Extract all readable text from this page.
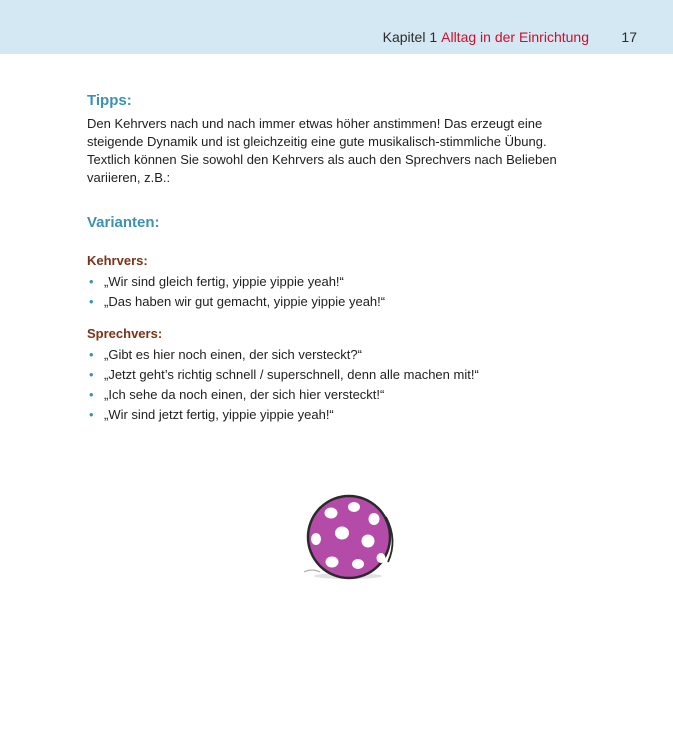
Kapitel 1 Alltag in der Einrichtung 17
Tipps:

Den Kehrvers nach und nach immer etwas höher anstimmen! Das erzeugt eine steigende Dynamik und ist gleichzeitig eine gute musikalisch-stimmliche Übung.

Textlich können Sie sowohl den Kehrvers als auch den Sprechvers nach Belieben variieren, z.B.:

Varianten:
Kehrvers:
• „Wir sind gleich fertig, yippie yippie yeah!“
• „Das haben wir gut gemacht, yippie yippie yeah!“
Sprechvers:
• „Gibt es hier noch einen, der sich versteckt?“
• „Jetzt geht’s richtig schnell / superschnell, denn alle machen mit!“
• „Ich sehe da noch einen, der sich hier versteckt!“
• „Wir sind jetzt fertig, yippie yippie yeah!“
